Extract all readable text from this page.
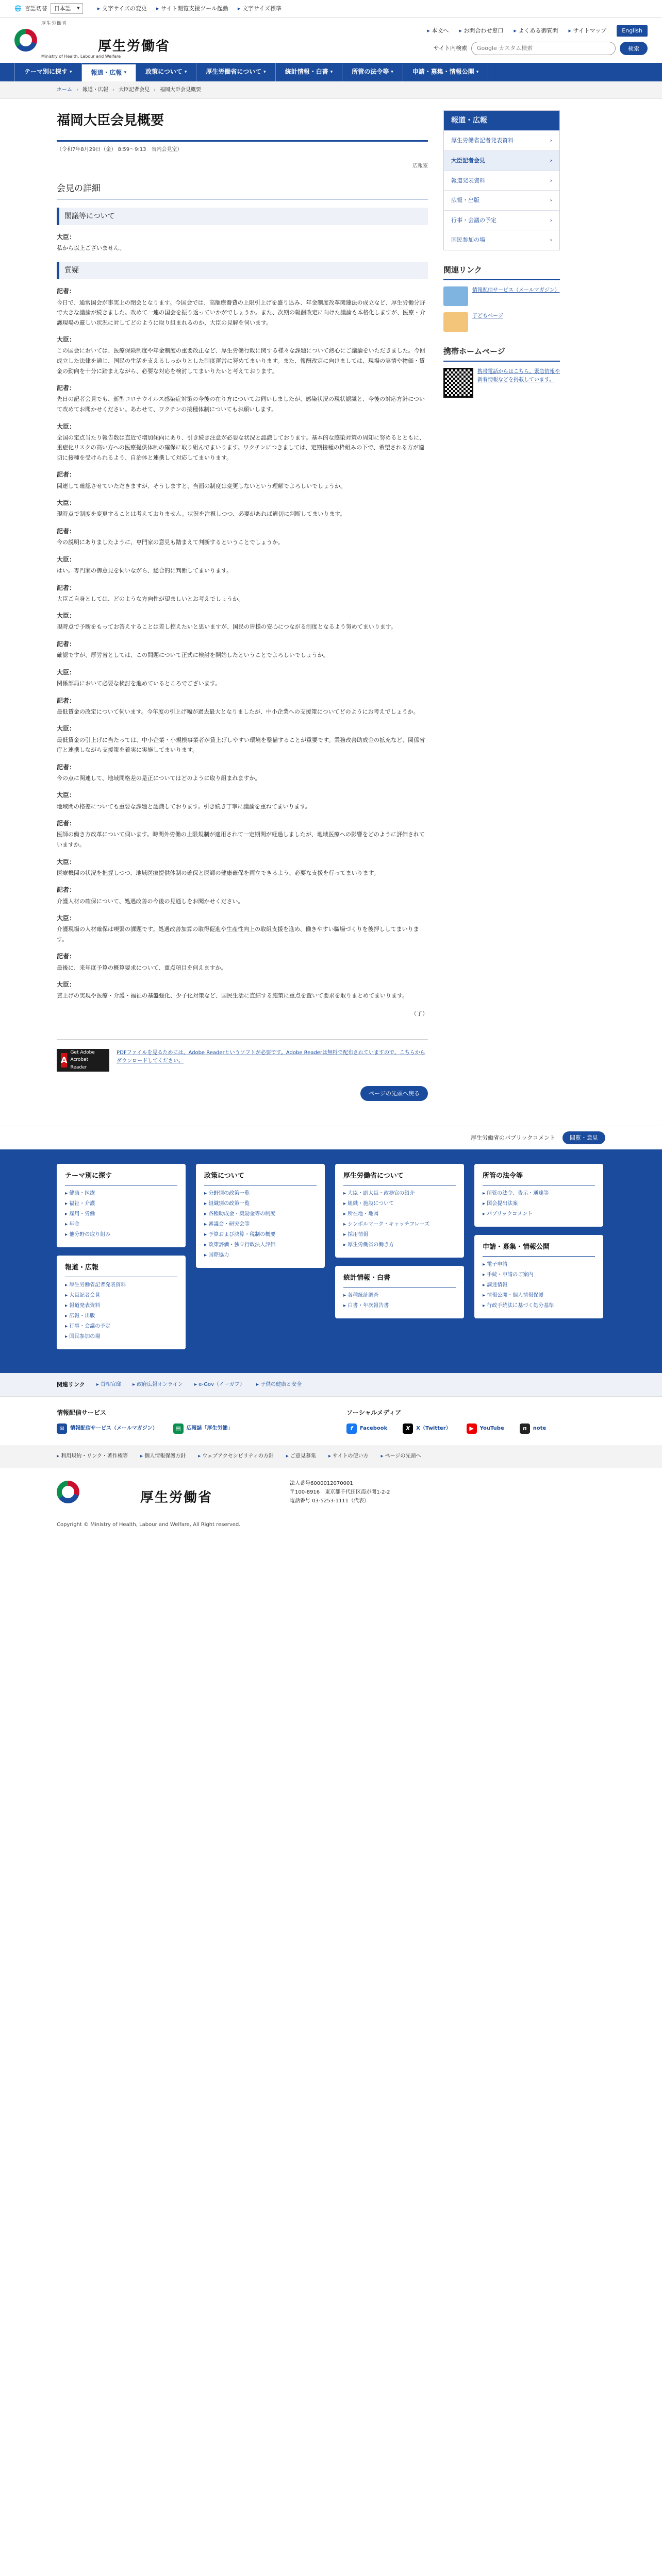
🌐 言語切替	日本語 ▾	▸ 文字サイズの変更	▸ サイト閲覧支援ツール起動	▸ 文字サイズ標準
厚生労働省
厚生労働省
Ministry of Health, Labour and Welfare
▸ 本文へ	▸ お問合わせ窓口	▸ よくある御質問	▸ サイトマップ	English
サイト内検索
Google カスタム検索	検索
テーマ別に探す ▾	報道・広報 ▾	政策について ▾	厚生労働省について ▾	統計情報・白書 ▾	所管の法令等 ▾	申請・募集・情報公開 ▾
ホーム › 報道・広報 › 大臣記者会見 › 福岡大臣会見概要
福岡大臣会見概要
（令和7年8月29日（金） 8:59～9:13　省内会見室）
広報室
会見の詳細
閣議等について
大臣：

私から以上ございません。

質疑
記者：

今日で、通常国会が事実上の閉会となります。今国会では、高額療養費の上限引上げを盛り込み、年金制度改革関連法の成立など、厚生労働分野で大きな議論が続きました。改めて一連の国会を振り返っていかがでしょうか。また、次期の報酬改定に向けた議論も本格化しますが、医療・介護現場の厳しい状況に対してどのように取り組まれるのか、大臣の見解を伺います。

大臣：

この国会においては、医療保険制度や年金制度の重要改正など、厚生労働行政に関する様々な課題について熱心にご議論をいただきました。今回成立した法律を通じ、国民の生活を支えるしっかりとした制度運営に努めてまいります。また、報酬改定に向けましては、現場の実情や物価・賃金の動向を十分に踏まえながら、必要な対応を検討してまいりたいと考えております。

記者：

先日の記者会見でも、新型コロナウイルス感染症対策の今後の在り方についてお伺いしましたが、感染状況の現状認識と、今後の対応方針について改めてお聞かせください。あわせて、ワクチンの接種体制についてもお願いします。

大臣：

全国の定点当たり報告数は直近で増加傾向にあり、引き続き注意が必要な状況と認識しております。基本的な感染対策の周知に努めるとともに、重症化リスクの高い方への医療提供体制の確保に取り組んでまいります。ワクチンにつきましては、定期接種の枠組みの下で、希望される方が適切に接種を受けられるよう、自治体と連携して対応してまいります。

記者：

関連して確認させていただきますが、そうしますと、当面の制度は変更しないという理解でよろしいでしょうか。

大臣：

現時点で制度を変更することは考えておりません。状況を注視しつつ、必要があれば適切に判断してまいります。

記者：

今の説明にありましたように、専門家の意見も踏まえて判断するということでしょうか。

大臣：

はい。専門家の御意見を伺いながら、総合的に判断してまいります。

記者：

大臣ご自身としては、どのような方向性が望ましいとお考えでしょうか。

大臣：

現時点で予断をもってお答えすることは差し控えたいと思いますが、国民の皆様の安心につながる制度となるよう努めてまいります。

記者：

確認ですが、厚労省としては、この問題について正式に検討を開始したということでよろしいでしょうか。

大臣：

関係部局において必要な検討を進めているところでございます。

記者：

最低賃金の改定について伺います。今年度の引上げ幅が過去最大となりましたが、中小企業への支援策についてどのようにお考えでしょうか。

大臣：

最低賃金の引上げに当たっては、中小企業・小規模事業者が賃上げしやすい環境を整備することが重要です。業務改善助成金の拡充など、関係省庁と連携しながら支援策を着実に実施してまいります。

記者：

今の点に関連して、地域間格差の是正についてはどのように取り組まれますか。

大臣：

地域間の格差についても重要な課題と認識しております。引き続き丁寧に議論を重ねてまいります。

記者：

医師の働き方改革について伺います。時間外労働の上限規制が適用されて一定期間が経過しましたが、地域医療への影響をどのように評価されていますか。

大臣：

医療機関の状況を把握しつつ、地域医療提供体制の確保と医師の健康確保を両立できるよう、必要な支援を行ってまいります。

記者：

介護人材の確保について、処遇改善の今後の見通しをお聞かせください。

大臣：

介護現場の人材確保は喫緊の課題です。処遇改善加算の取得促進や生産性向上の取組支援を進め、働きやすい職場づくりを後押ししてまいります。

記者：

最後に、来年度予算の概算要求について、重点項目を伺えますか。

大臣：

賃上げの実現や医療・介護・福祉の基盤強化、少子化対策など、国民生活に直結する施策に重点を置いて要求を取りまとめてまいります。

（了）
A
Get Adobe Acrobat Reader

PDFファイルを見るためには、Adobe Readerというソフトが必要です。Adobe Readerは無料で配布されていますので、こちらからダウンロードしてください。

ページの先頭へ戻る
報道・広報
厚生労働省記者発表資料 ›
大臣記者会見 ›
報道発表資料 ›
広報・出版 ›
行事・会議の予定 ›
国民参加の場 ›
関連リンク
情報配信サービス（メールマガジン）
子どもページ
携帯ホームページ
携帯電話からはこちら。緊急情報や新着情報などを掲載しています。
厚生労働省のパブリックコメント	閲覧・意見
テーマ別に探す
▸ 健康・医療
▸ 福祉・介護
▸ 雇用・労働
▸ 年金
▸ 他分野の取り組み
報道・広報
▸ 厚生労働省記者発表資料
▸ 大臣記者会見
▸ 報道発表資料
▸ 広報・出版
▸ 行事・会議の予定
▸ 国民参加の場
政策について
▸ 分野別の政策一覧
▸ 組織別の政策一覧
▸ 各種助成金・奨励金等の制度
▸ 審議会・研究会等
▸ 予算および決算・税制の概要
▸ 政策評価・独立行政法人評価
▸ 国際協力
厚生労働省について
▸ 大臣・副大臣・政務官の紹介
▸ 組織・施設について
▸ 所在地・地図
▸ シンボルマーク・キャッチフレーズ
▸ 採用情報
▸ 厚生労働省の働き方
統計情報・白書
▸ 各種統計調査
▸ 白書・年次報告書
所管の法令等
▸ 所管の法令、告示・通達等
▸ 国会提出法案
▸ パブリックコメント
申請・募集・情報公開
▸ 電子申請
▸ 手続・申請のご案内
▸ 調達情報
▸ 情報公開・個人情報保護
▸ 行政手続法に基づく処分基準
関連リンク	▸ 首相官邸	▸ 政府広報オンライン	▸ e-Gov（イーガブ）	▸ 子供の健康と安全
情報配信サービス
✉	情報配信サービス（メールマガジン）	▤	広報誌「厚生労働」
ソーシャルメディア
f	Facebook	X	X（Twitter）	▶	YouTube	n	note
▸ 利用規約・リンク・著作権等	▸ 個人情報保護方針	▸ ウェブアクセシビリティの方針	▸ ご意見募集	▸ サイトの使い方	▸ ページの先頭へ
厚生労働省
法人番号6000012070001
〒100-8916　東京都千代田区霞が関1-2-2
電話番号 03-5253-1111（代表）
Copyright © Ministry of Health, Labour and Welfare, All Right reserved.
